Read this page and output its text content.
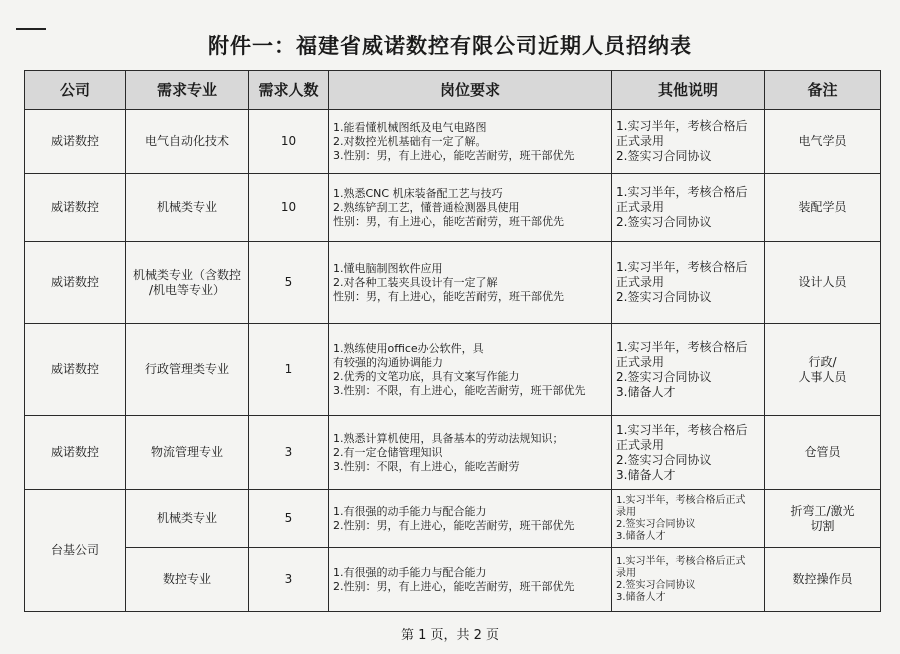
附件一：福建省威诺数控有限公司近期人员招纳表
公司	需求专业	需求人数	岗位要求	其他说明	备注
威诺数控	电气自动化技术	10	1.能看懂机械图纸及电气电路图
2.对数控光机基础有一定了解。
3.性别：男，有上进心，能吃苦耐劳，班干部优先	1.实习半年，考核合格后
正式录用
2.签实习合同协议	电气学员

威诺数控	机械类专业	10	1.熟悉CNC 机床装备配工艺与技巧
2.熟练铲刮工艺，懂普通检测器具使用
性别：男，有上进心，能吃苦耐劳，班干部优先	1.实习半年，考核合格后
正式录用
2.签实习合同协议	装配学员

威诺数控	机械类专业（含数控
/机电等专业）	5	1.懂电脑制图软件应用
2.对各种工装夹具设计有一定了解
性别：男，有上进心，能吃苦耐劳，班干部优先	1.实习半年，考核合格后
正式录用
2.签实习合同协议	设计人员

威诺数控	行政管理类专业	1	1.熟练使用office办公软件，具
有较强的沟通协调能力
2.优秀的文笔功底，具有文案写作能力
3.性别：不限，有上进心，能吃苦耐劳，班干部优先	1.实习半年，考核合格后
正式录用
2.签实习合同协议
3.储备人才	行政/
人事人员

威诺数控	物流管理专业	3	1.熟悉计算机使用，具备基本的劳动法规知识；
2.有一定仓储管理知识
3.性别：不限，有上进心，能吃苦耐劳	1.实习半年，考核合格后
正式录用
2.签实习合同协议
3.储备人才	仓管员

台基公司	机械类专业	5	1.有很强的动手能力与配合能力
2.性别：男，有上进心，能吃苦耐劳，班干部优先	1.实习半年，考核合格后正式
录用
2.签实习合同协议
3.储备人才	折弯工/激光
切割

	数控专业	3	1.有很强的动手能力与配合能力
2.性别：男，有上进心，能吃苦耐劳，班干部优先	1.实习半年，考核合格后正式
录用
2.签实习合同协议
3.储备人才	数控操作员
第 1 页，共 2 页
